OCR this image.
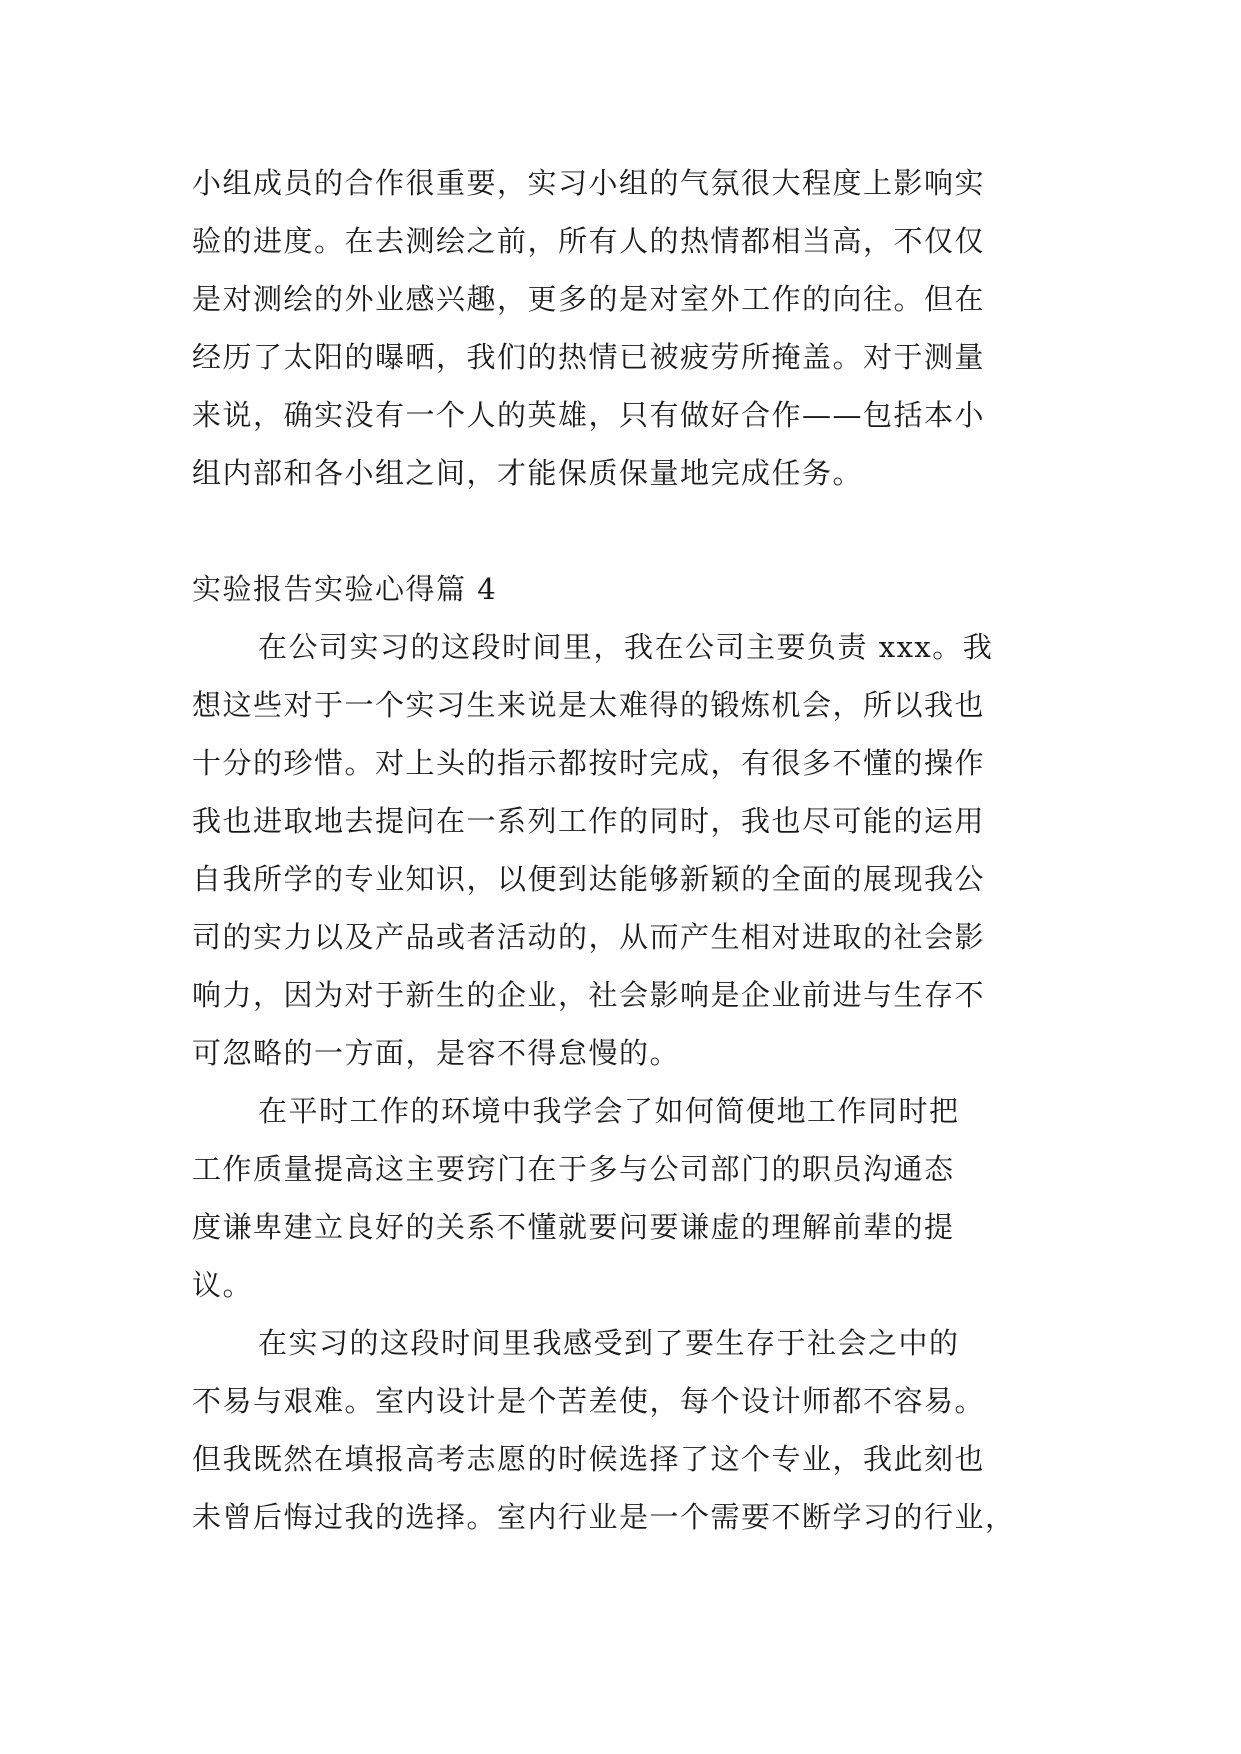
小组成员的合作很重要，实习小组的气氛很大程度上影响实
验的进度。在去测绘之前，所有人的热情都相当高，不仅仅
是对测绘的外业感兴趣，更多的是对室外工作的向往。但在
经历了太阳的曝晒，我们的热情已被疲劳所掩盖。对于测量
来说，确实没有一个人的英雄，只有做好合作——包括本小
组内部和各小组之间，才能保质保量地完成任务。
实验报告实验心得篇 4
在公司实习的这段时间里，我在公司主要负责 xxx。我
想这些对于一个实习生来说是太难得的锻炼机会，所以我也
十分的珍惜。对上头的指示都按时完成，有很多不懂的操作
我也进取地去提问在一系列工作的同时，我也尽可能的运用
自我所学的专业知识，以便到达能够新颖的全面的展现我公
司的实力以及产品或者活动的，从而产生相对进取的社会影
响力，因为对于新生的企业，社会影响是企业前进与生存不
可忽略的一方面，是容不得怠慢的。
在平时工作的环境中我学会了如何简便地工作同时把
工作质量提高这主要窍门在于多与公司部门的职员沟通态
度谦卑建立良好的关系不懂就要问要谦虚的理解前辈的提
议。
在实习的这段时间里我感受到了要生存于社会之中的
不易与艰难。室内设计是个苦差使，每个设计师都不容易。
但我既然在填报高考志愿的时候选择了这个专业，我此刻也
未曾后悔过我的选择。室内行业是一个需要不断学习的行业，
